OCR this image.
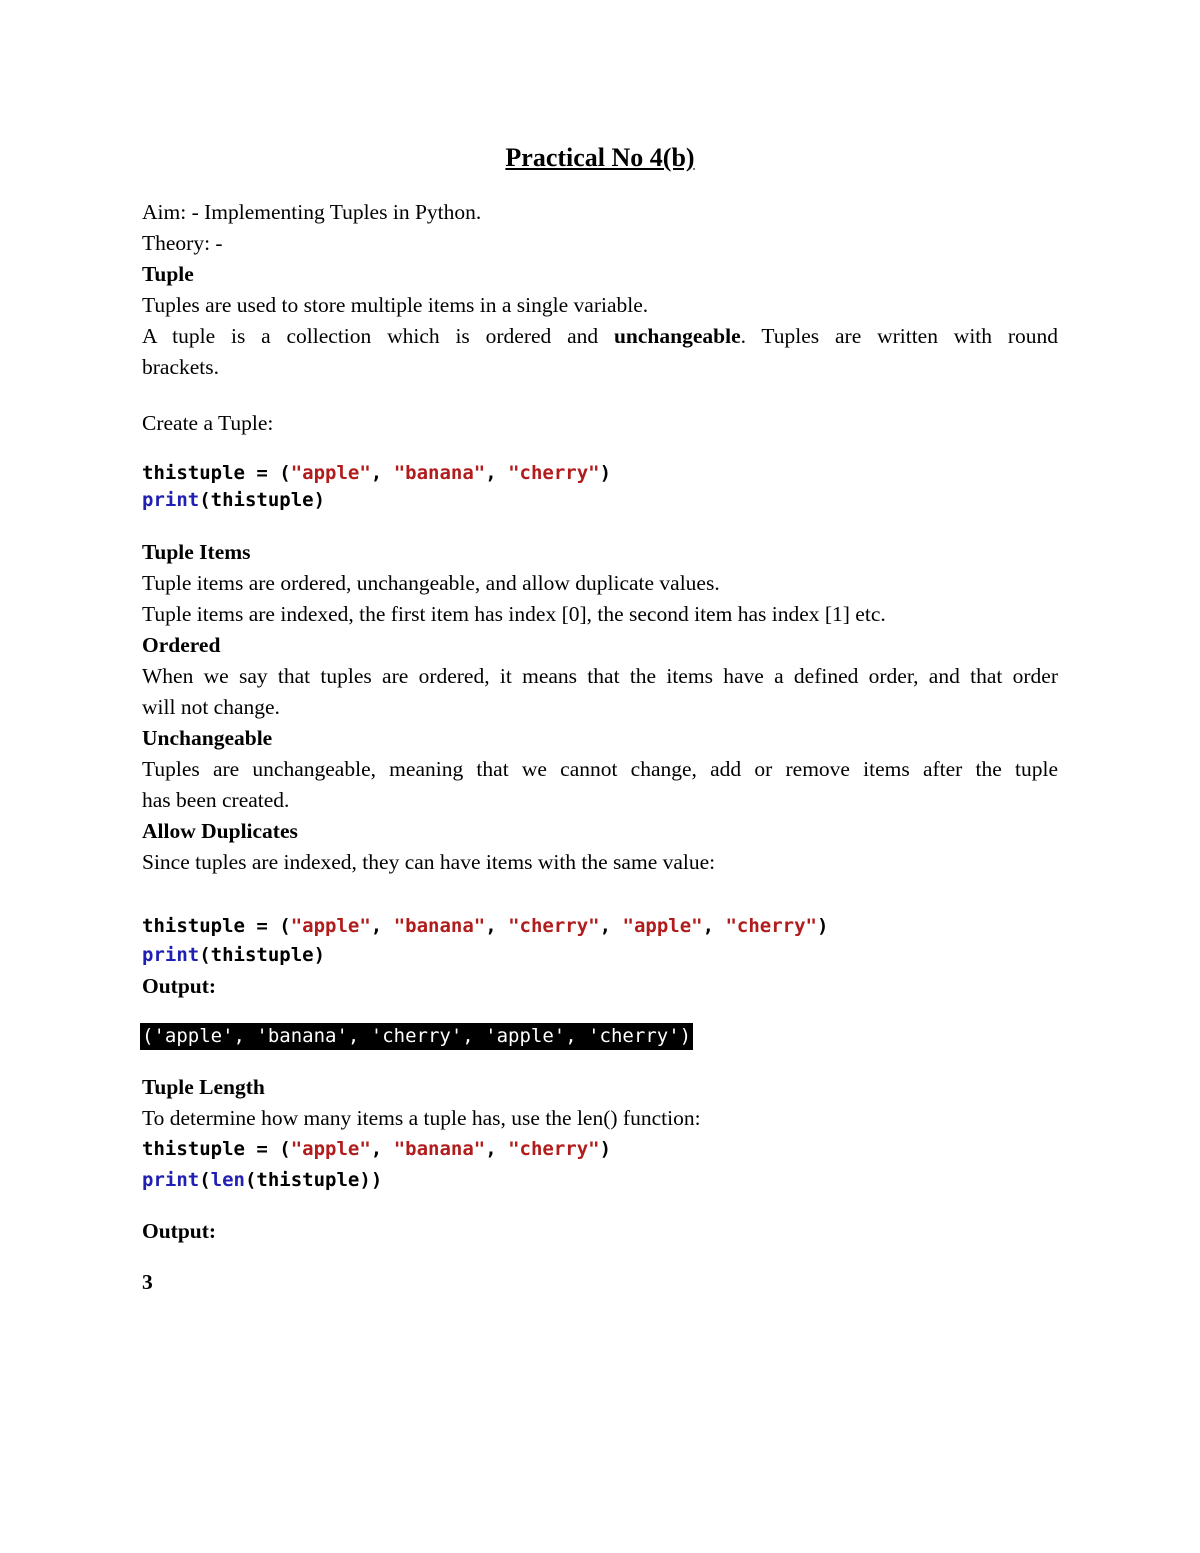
Practical No 4(b)
Aim: - Implementing Tuples in Python.
Theory: -
Tuple
Tuples are used to store multiple items in a single variable.
A tuple is a collection which is ordered and unchangeable. Tuples are written with round
brackets.
Create a Tuple:
thistuple = ("apple", "banana", "cherry")
print(thistuple)
Tuple Items
Tuple items are ordered, unchangeable, and allow duplicate values.
Tuple items are indexed, the first item has index [0], the second item has index [1] etc.
Ordered
When we say that tuples are ordered, it means that the items have a defined order, and that order
will not change.
Unchangeable
Tuples are unchangeable, meaning that we cannot change, add or remove items after the tuple
has been created.
Allow Duplicates
Since tuples are indexed, they can have items with the same value:
thistuple = ("apple", "banana", "cherry", "apple", "cherry")
print(thistuple)
Output:
('apple', 'banana', 'cherry', 'apple', 'cherry')
Tuple Length
To determine how many items a tuple has, use the len() function:
thistuple = ("apple", "banana", "cherry")
print(len(thistuple))
Output:
3
